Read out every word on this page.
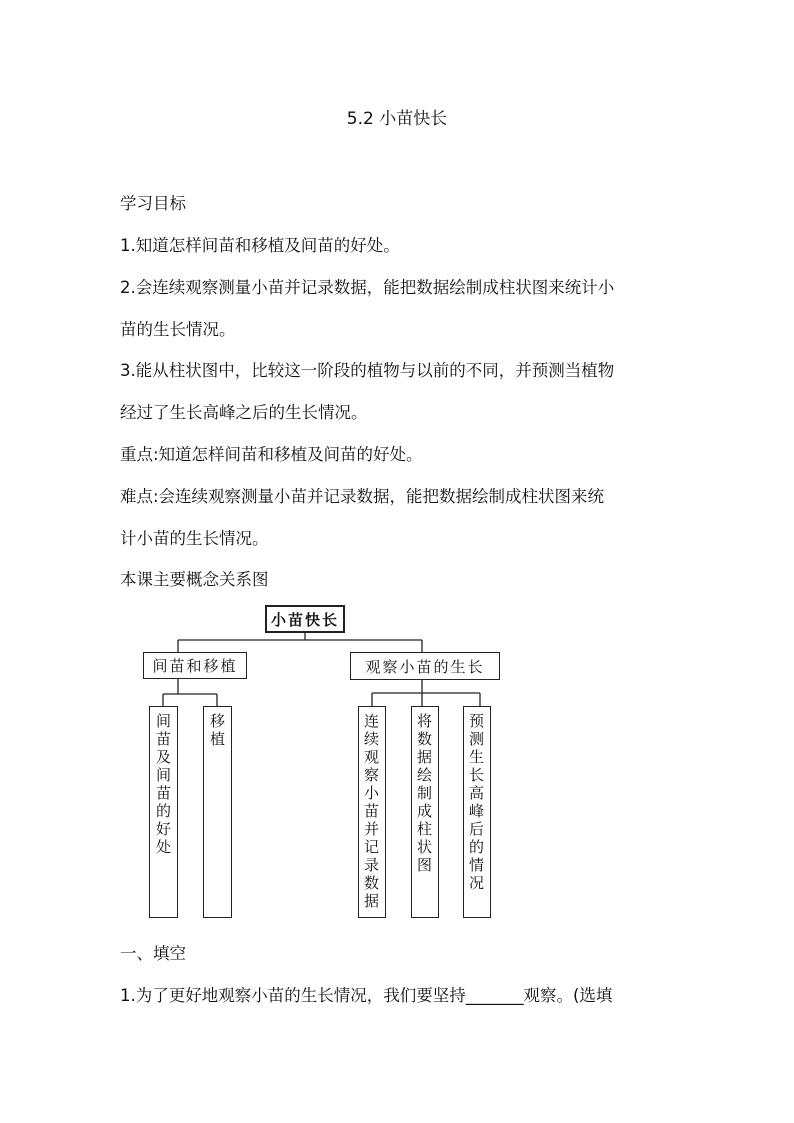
5.2 小苗快长
学习目标
1.知道怎样间苗和移植及间苗的好处。
2.会连续观察测量小苗并记录数据，能把数据绘制成柱状图来统计小
苗的生长情况。
3.能从柱状图中，比较这一阶段的植物与以前的不同，并预测当植物
经过了生长高峰之后的生长情况。
重点:知道怎样间苗和移植及间苗的好处。
难点:会连续观察测量小苗并记录数据，能把数据绘制成柱状图来统
计小苗的生长情况。
本课主要概念关系图
小苗快长
间苗和移植	观察小苗的生长
间苗及间苗的好处	移植	连续观察小苗并记录数据	将数据绘制成柱状图	预测生长高峰后的情况
一、填空
1.为了更好地观察小苗的生长情况，我们要坚持_______观察。(选填
